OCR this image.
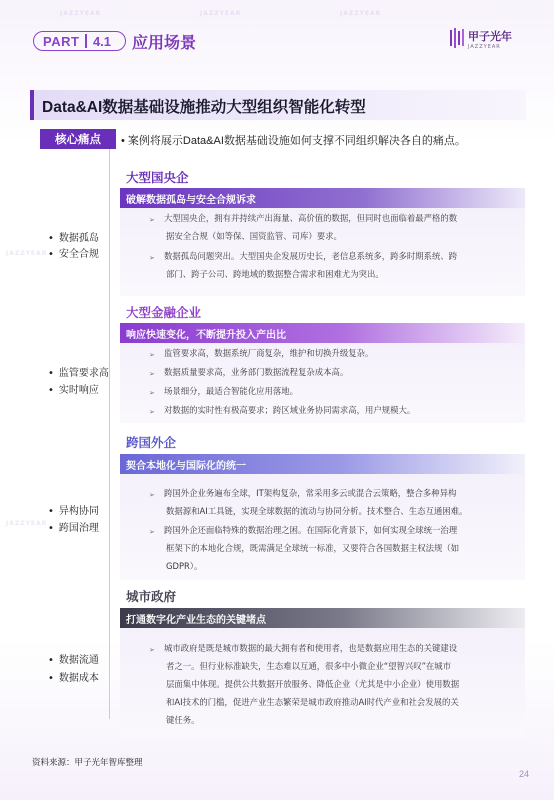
JAZZYEAR	JAZZYEAR	JAZZYEAR
JAZZYEAR
JAZZYEAR
PART 4.1 应用场景	甲子光年
JAZZYEAR
Data&AI数据基础设施推动大型组织智能化转型
核心痛点	• 案例将展示Data&AI数据基础设施如何支撑不同组织解决各自的痛点。
大型国央企
破解数据孤岛与安全合规诉求
• 数据孤岛
• 安全合规
➢ 大型国央企，拥有并持续产出海量、高价值的数据，但同时也面临着最严格的数
据安全合规（如等保、国资监管、司库）要求。
➢ 数据孤岛问题突出。大型国央企发展历史长，老信息系统多，跨多时期系统、跨
部门、跨子公司、跨地域的数据整合需求和困难尤为突出。
大型金融企业
响应快速变化，不断提升投入产出比
• 监管要求高
• 实时响应
➢ 监管要求高，数据系统厂商复杂，维护和切换升级复杂。
➢ 数据质量要求高，业务部门数据流程复杂成本高。
➢ 场景细分，最适合智能化应用落地。
➢ 对数据的实时性有极高要求；跨区域业务协同需求高，用户规模大。
跨国外企
契合本地化与国际化的统一
• 异构协同
• 跨国治理
➢ 跨国外企业务遍布全球，IT架构复杂，常采用多云或混合云策略，整合多种异构
数据源和AI工具链，实现全球数据的流动与协同分析。技术整合、生态互通困难。
➢ 跨国外企还面临特殊的数据治理之困。在国际化背景下，如何实现全球统一治理
框架下的本地化合规，既需满足全球统一标准，又要符合各国数据主权法规（如
GDPR）。
城市政府
打通数字化产业生态的关键堵点
• 数据流通
• 数据成本
➢ 城市政府是既是城市数据的最大拥有者和使用者，也是数据应用生态的关键建设
者之一。但行业标准缺失，生态难以互通，很多中小微企业“望智兴叹”在城市
层面集中体现。提供公共数据开放服务、降低企业（尤其是中小企业）使用数据
和AI技术的门槛，促进产业生态繁荣是城市政府推动AI时代产业和社会发展的关
键任务。
资料来源：甲子光年智库整理
24
